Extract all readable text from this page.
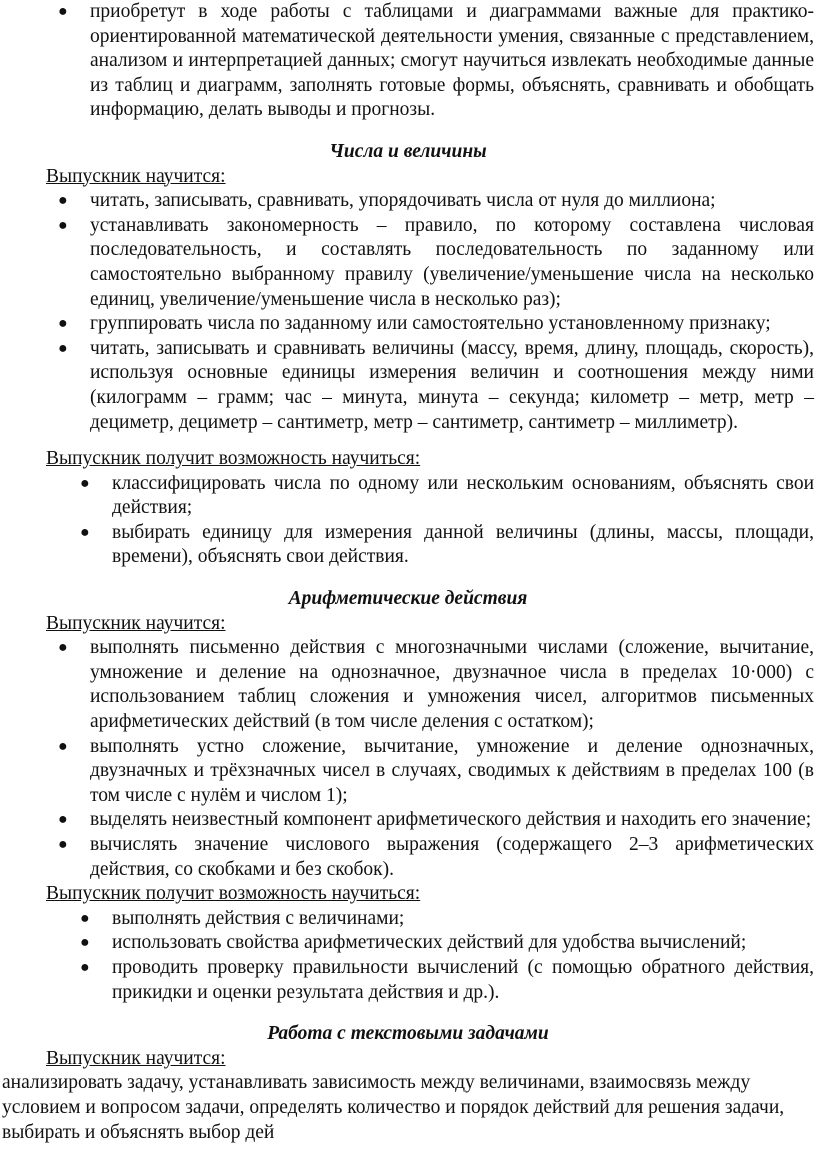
● приобретут в ходе работы с таблицами и диаграммами важные для практико-ориентированной математической деятельности умения, связанные с представлением, анализом и интерпретацией данных; смогут научиться извлекать необходимые данные из таблиц и диаграмм, заполнять готовые формы, объяснять, сравнивать и обобщать информацию, делать выводы и прогнозы.
Числа и величины
Выпускник научится:
● читать, записывать, сравнивать, упорядочивать числа от нуля до миллиона;
● устанавливать закономерность – правило, по которому составлена числовая последовательность, и составлять последовательность по заданному или самостоятельно выбранному правилу (увеличение/уменьшение числа на несколько единиц, увеличение/уменьшение числа в несколько раз);
● группировать числа по заданному или самостоятельно установленному признаку;
● читать, записывать и сравнивать величины (массу, время, длину, площадь, скорость), используя основные единицы измерения величин и соотношения между ними (килограмм – грамм; час – минута, минута – секунда; километр – метр, метр – дециметр, дециметр – сантиметр, метр – сантиметр, сантиметр – миллиметр).
Выпускник получит возможность научиться:
● классифицировать числа по одному или нескольким основаниям, объяснять свои действия;
● выбирать единицу для измерения данной величины (длины, массы, площади, времени), объяснять свои действия.
Арифметические действия
Выпускник научится:
● выполнять письменно действия с многозначными числами (сложение, вычитание, умножение и деление на однозначное, двузначное числа в пределах 10·000) с использованием таблиц сложения и умножения чисел, алгоритмов письменных арифметических действий (в том числе деления с остатком);
● выполнять устно сложение, вычитание, умножение и деление однозначных, двузначных и трёхзначных чисел в случаях, сводимых к действиям в пределах 100 (в том числе с нулём и числом 1);
● выделять неизвестный компонент арифметического действия и находить его значение;
● вычислять значение числового выражения (содержащего 2–3 арифметических действия, со скобками и без скобок).
Выпускник получит возможность научиться:
● выполнять действия с величинами;
● использовать свойства арифметических действий для удобства вычислений;
● проводить проверку правильности вычислений (с помощью обратного действия, прикидки и оценки результата действия и др.).
Работа с текстовыми задачами
Выпускник научится:
анализировать задачу, устанавливать зависимость между величинами, взаимосвязь между условием и вопросом задачи, определять количество и порядок действий для решения задачи, выбирать и объяснять выбор дей
